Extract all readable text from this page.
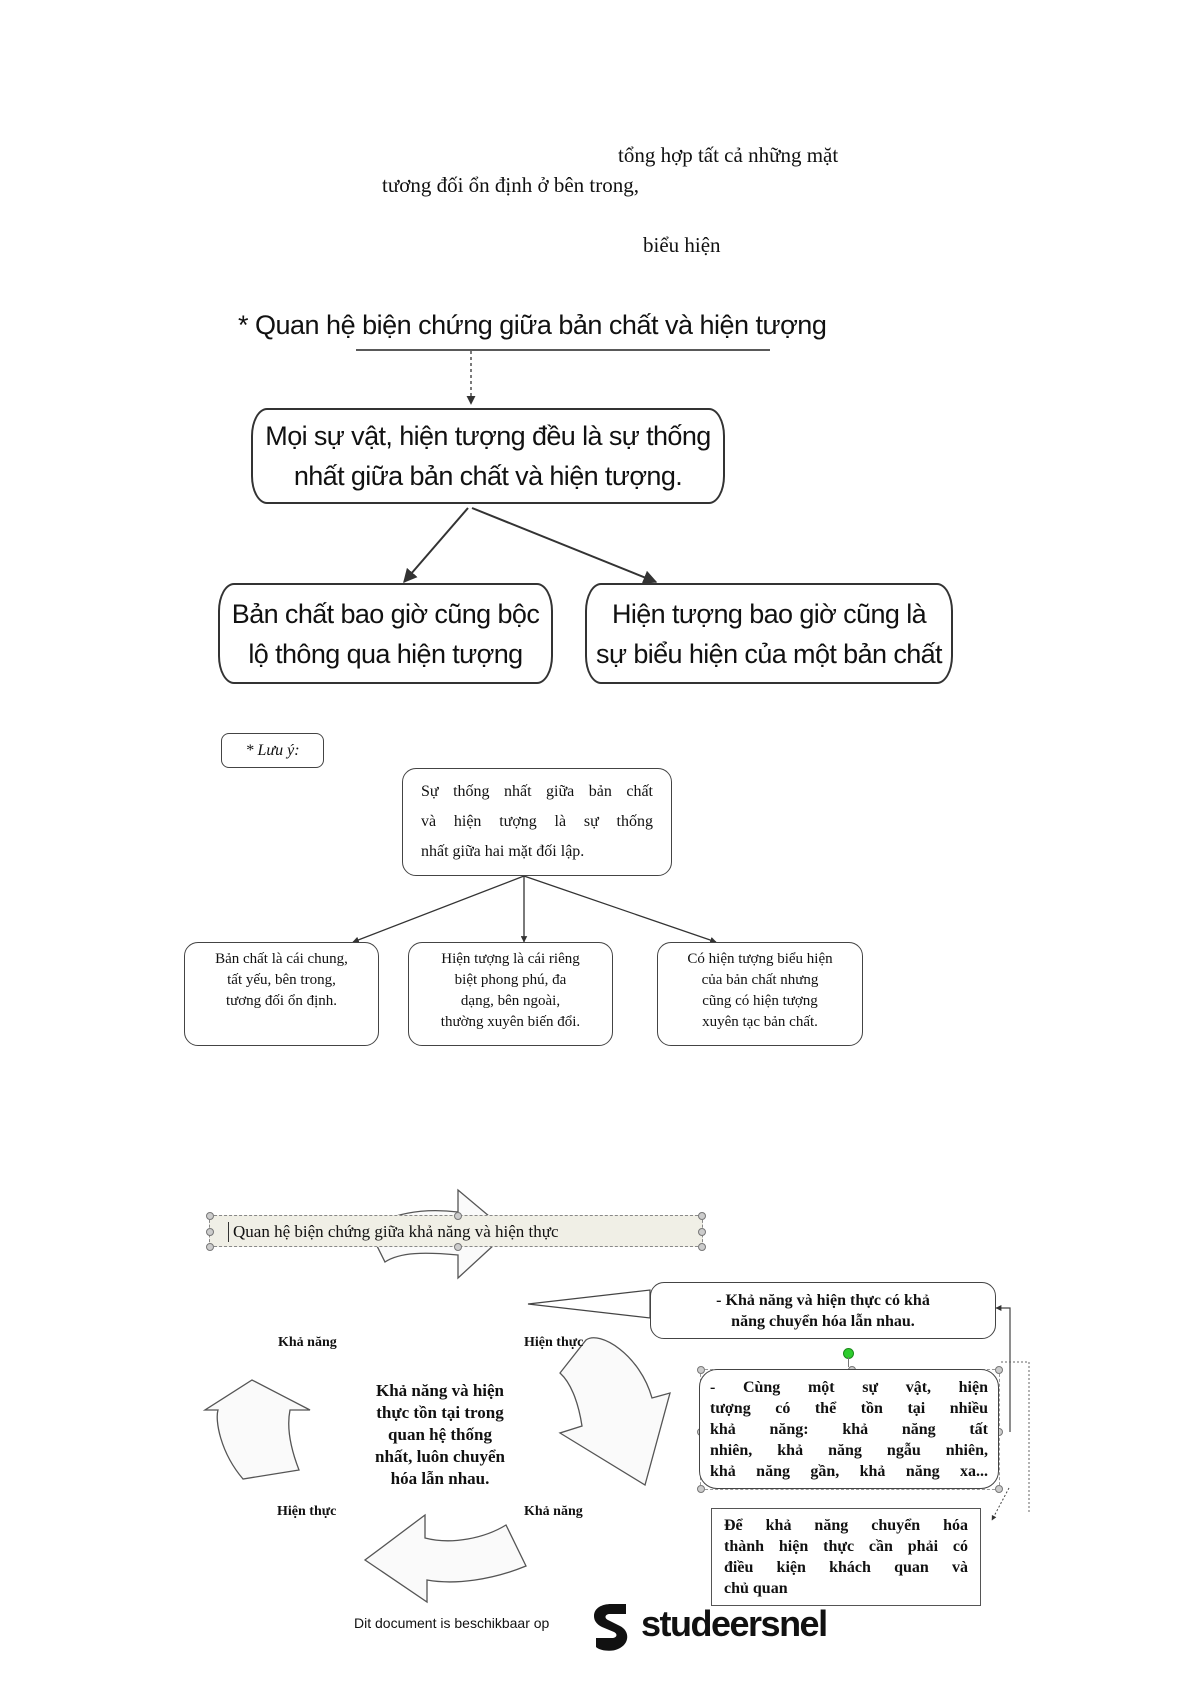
tổng hợp tất cả những mặt
tương đối ổn định ở bên trong,
biểu hiện
* Quan hệ biện chứng giữa bản chất và hiện tượng
Mọi sự vật, hiện tượng đều là sự thống
nhất giữa bản chất và hiện tượng.
Bản chất bao giờ cũng bộc
lộ thông qua hiện tượng
Hiện tượng bao giờ cũng là
sự biểu hiện của một bản chất
* Lưu ý:
Sự thống nhất giữa bản chất
và hiện tượng là sự thống
nhất giữa hai mặt đối lập.
Bản chất là cái chung,
tất yếu, bên trong,
tương đối ổn định.
Hiện tượng là cái riêng
biệt phong phú, đa
dạng, bên ngoài,
thường xuyên biến đổi.
Có hiện tượng biểu hiện
của bản chất nhưng
cũng có hiện tượng
xuyên tạc bản chất.
Quan hệ biện chứng giữa khả năng và hiện thực
Khả năng	Hiện thực
Hiện thực	Khả năng
Khả năng và hiện
thực tồn tại trong
quan hệ thống
nhất, luôn chuyển
hóa lẫn nhau.
- Khả năng và hiện thực có khả
năng chuyển hóa lẫn nhau.
- Cùng một sự vật, hiện
tượng có thể tồn tại nhiều
khả năng: khả năng tất
nhiên, khả năng ngẫu nhiên,
khả năng gần, khả năng xa...
Để khả năng chuyển hóa
thành hiện thực cần phải có
điều kiện khách quan và
chủ quan
Dit document is beschikbaar op	studeersnel
